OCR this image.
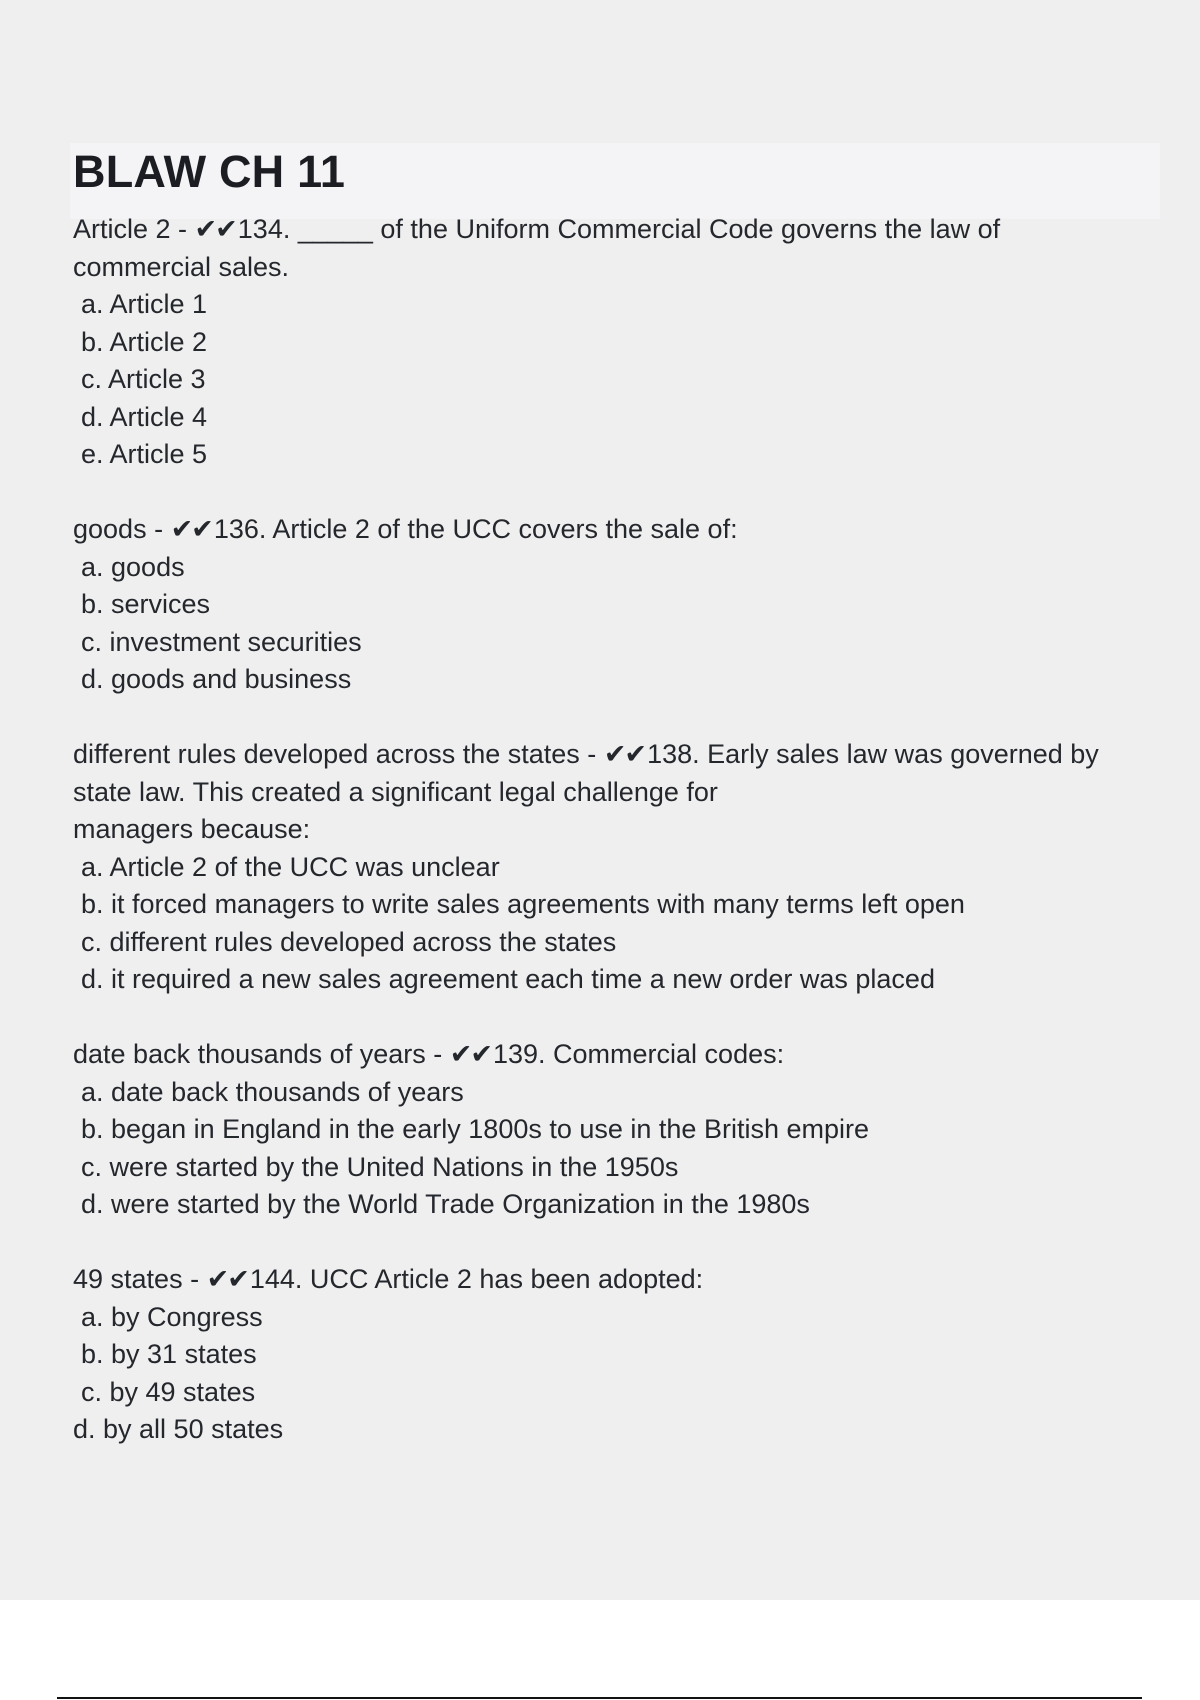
BLAW CH 11
Article 2 - ✔✔134. _____ of the Uniform Commercial Code governs the law of
commercial sales.
a. Article 1
b. Article 2
c. Article 3
d. Article 4
e. Article 5
goods - ✔✔136. Article 2 of the UCC covers the sale of:
a. goods
b. services
c. investment securities
d. goods and business
different rules developed across the states - ✔✔138. Early sales law was governed by
state law. This created a significant legal challenge for
managers because:
a. Article 2 of the UCC was unclear
b. it forced managers to write sales agreements with many terms left open
c. different rules developed across the states
d. it required a new sales agreement each time a new order was placed
date back thousands of years - ✔✔139. Commercial codes:
a. date back thousands of years
b. began in England in the early 1800s to use in the British empire
c. were started by the United Nations in the 1950s
d. were started by the World Trade Organization in the 1980s
49 states - ✔✔144. UCC Article 2 has been adopted:
a. by Congress
b. by 31 states
c. by 49 states
d. by all 50 states
